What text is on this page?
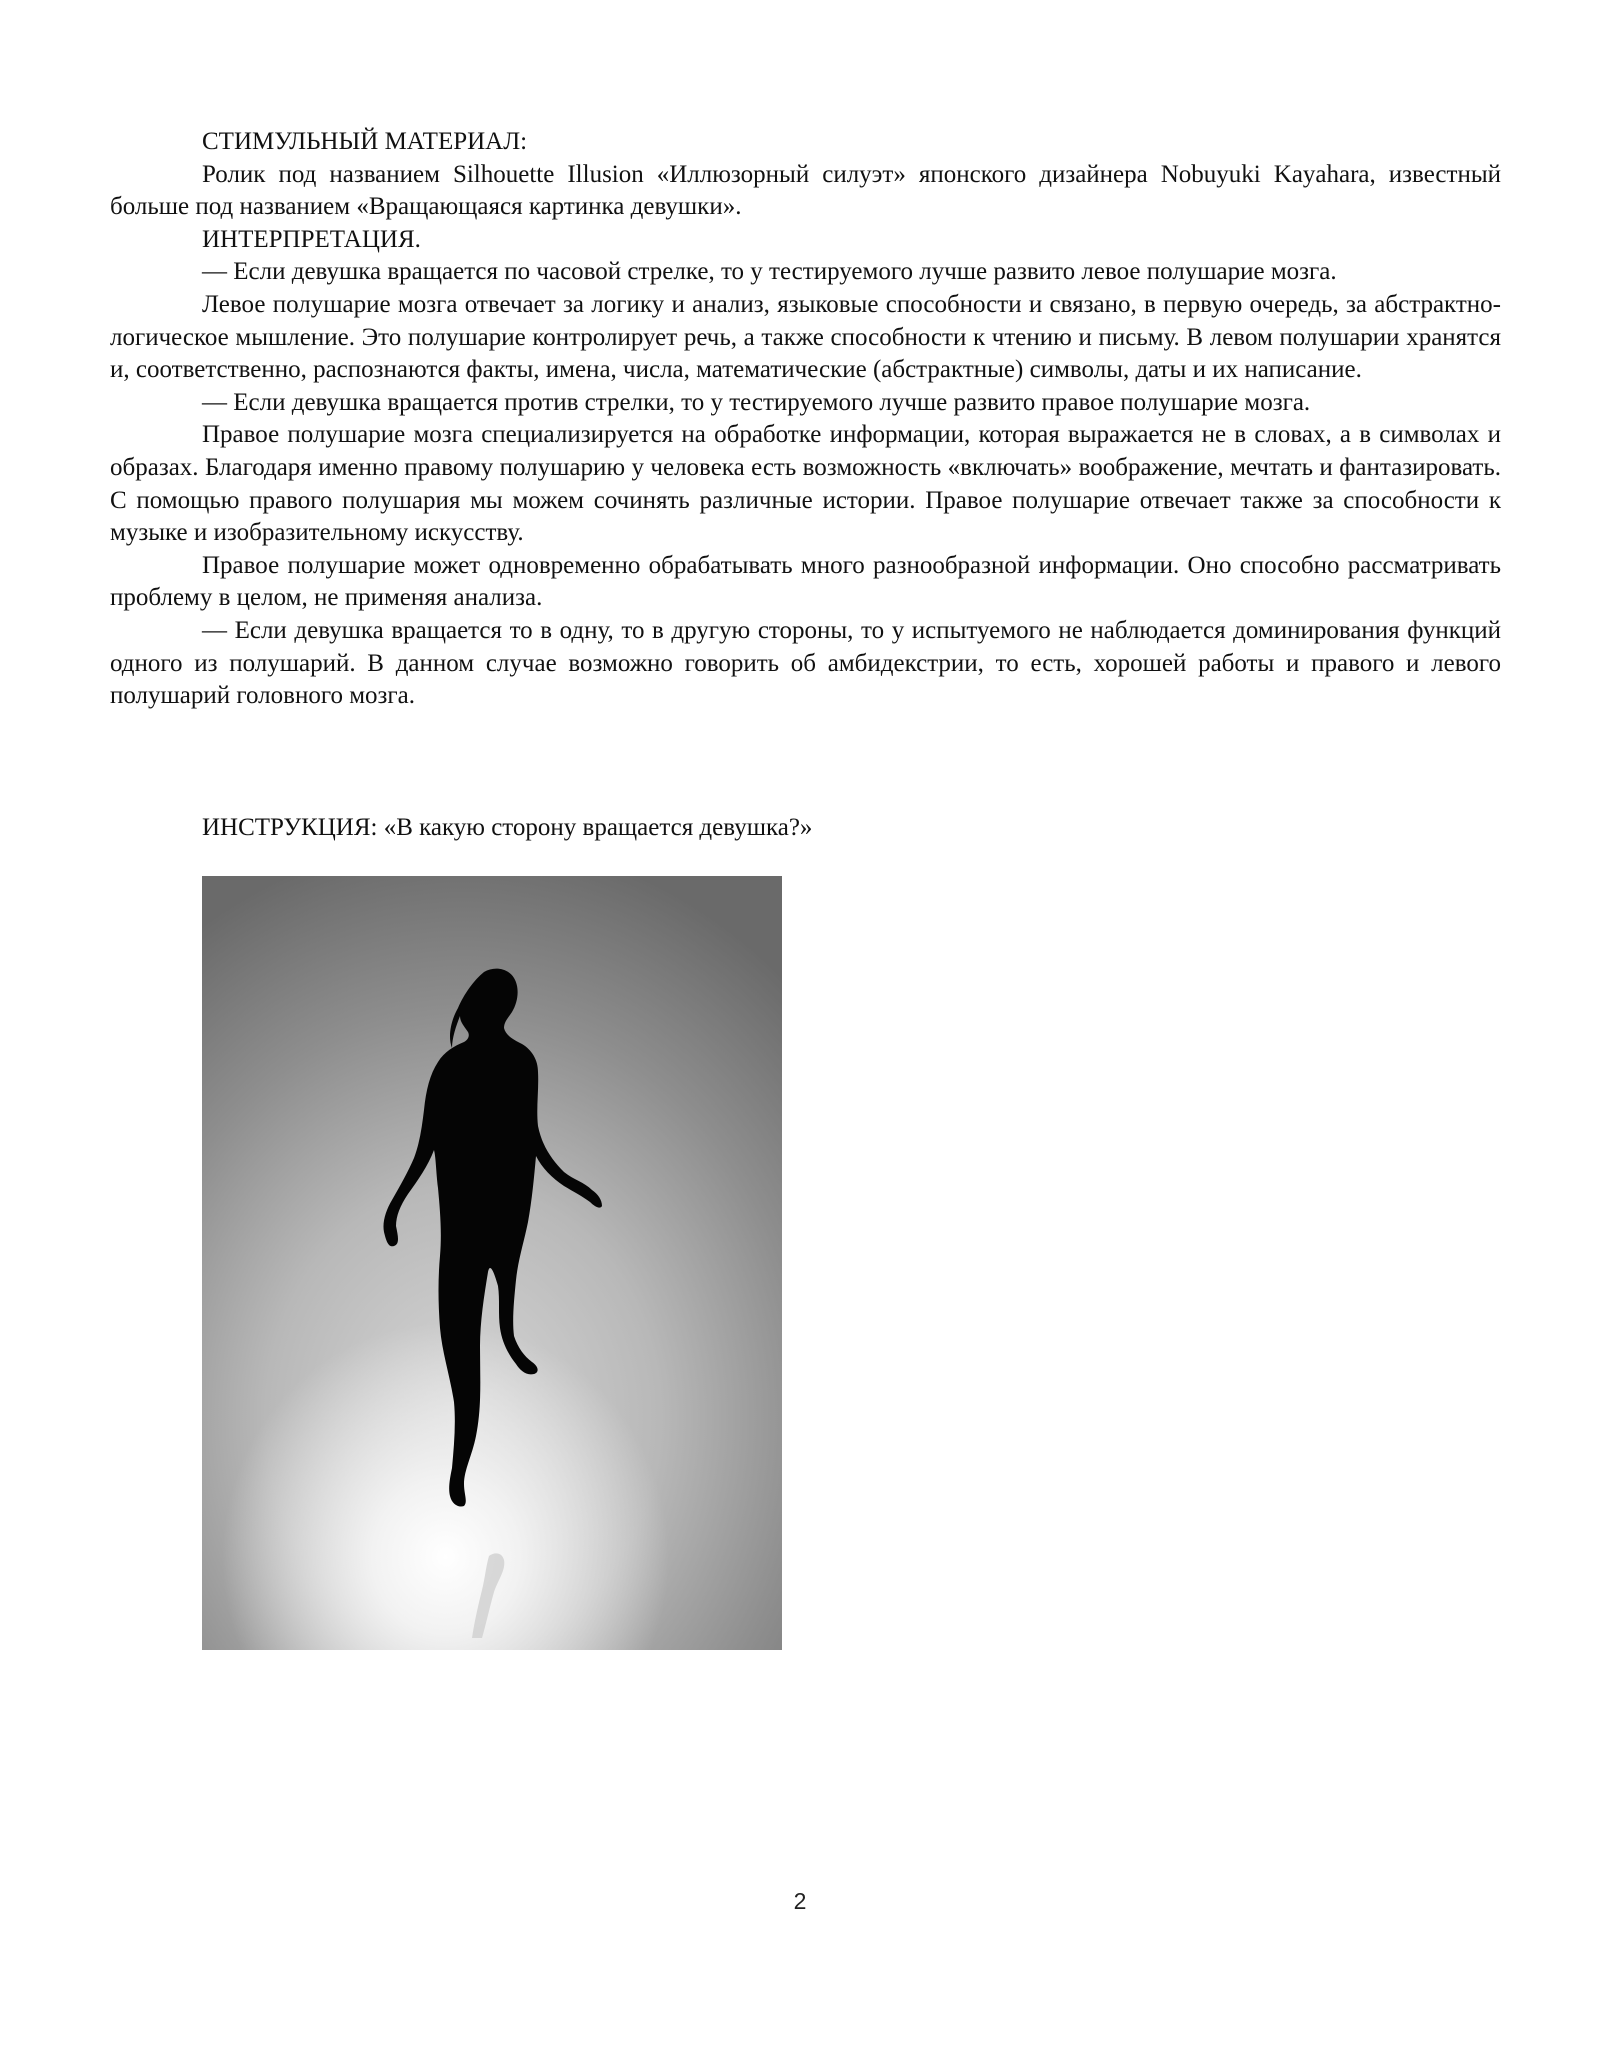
СТИМУЛЬНЫЙ МАТЕРИАЛ:

Ролик под названием Silhouette Illusion «Иллюзорный силуэт» японского дизайнера Nobuyuki Kayahara, известный больше под названием «Вращающаяся картинка девушки».

ИНТЕРПРЕТАЦИЯ.

— Если девушка вращается по часовой стрелке, то у тестируемого лучше развито левое полушарие мозга.

Левое полушарие мозга отвечает за логику и анализ, языковые способности и связано, в первую очередь, за абстрактно-логическое мышление. Это полушарие контролирует речь, а также способности к чтению и письму. В левом полушарии хранятся и, соответственно, распознаются факты, имена, числа, математические (абстрактные) символы, даты и их написание.

— Если девушка вращается против стрелки, то у тестируемого лучше развито правое полушарие мозга.

Правое полушарие мозга специализируется на обработке информации, которая выражается не в словах, а в символах и образах. Благодаря именно правому полушарию у человека есть возможность «включать» воображение, мечтать и фантазировать. С помощью правого полушария мы можем сочинять различные истории. Правое полушарие отвечает также за способности к музыке и изобразительному искусству.

Правое полушарие может одновременно обрабатывать много разнообразной информации. Оно способно рассматривать проблему в целом, не применяя анализа.

— Если девушка вращается то в одну, то в другую стороны, то у испытуемого не наблюдается доминирования функций одного из полушарий. В данном случае возможно говорить об амбидекстрии, то есть, хорошей работы и правого и левого полушарий головного мозга.

ИНСТРУКЦИЯ: «В какую сторону вращается девушка?»
2
